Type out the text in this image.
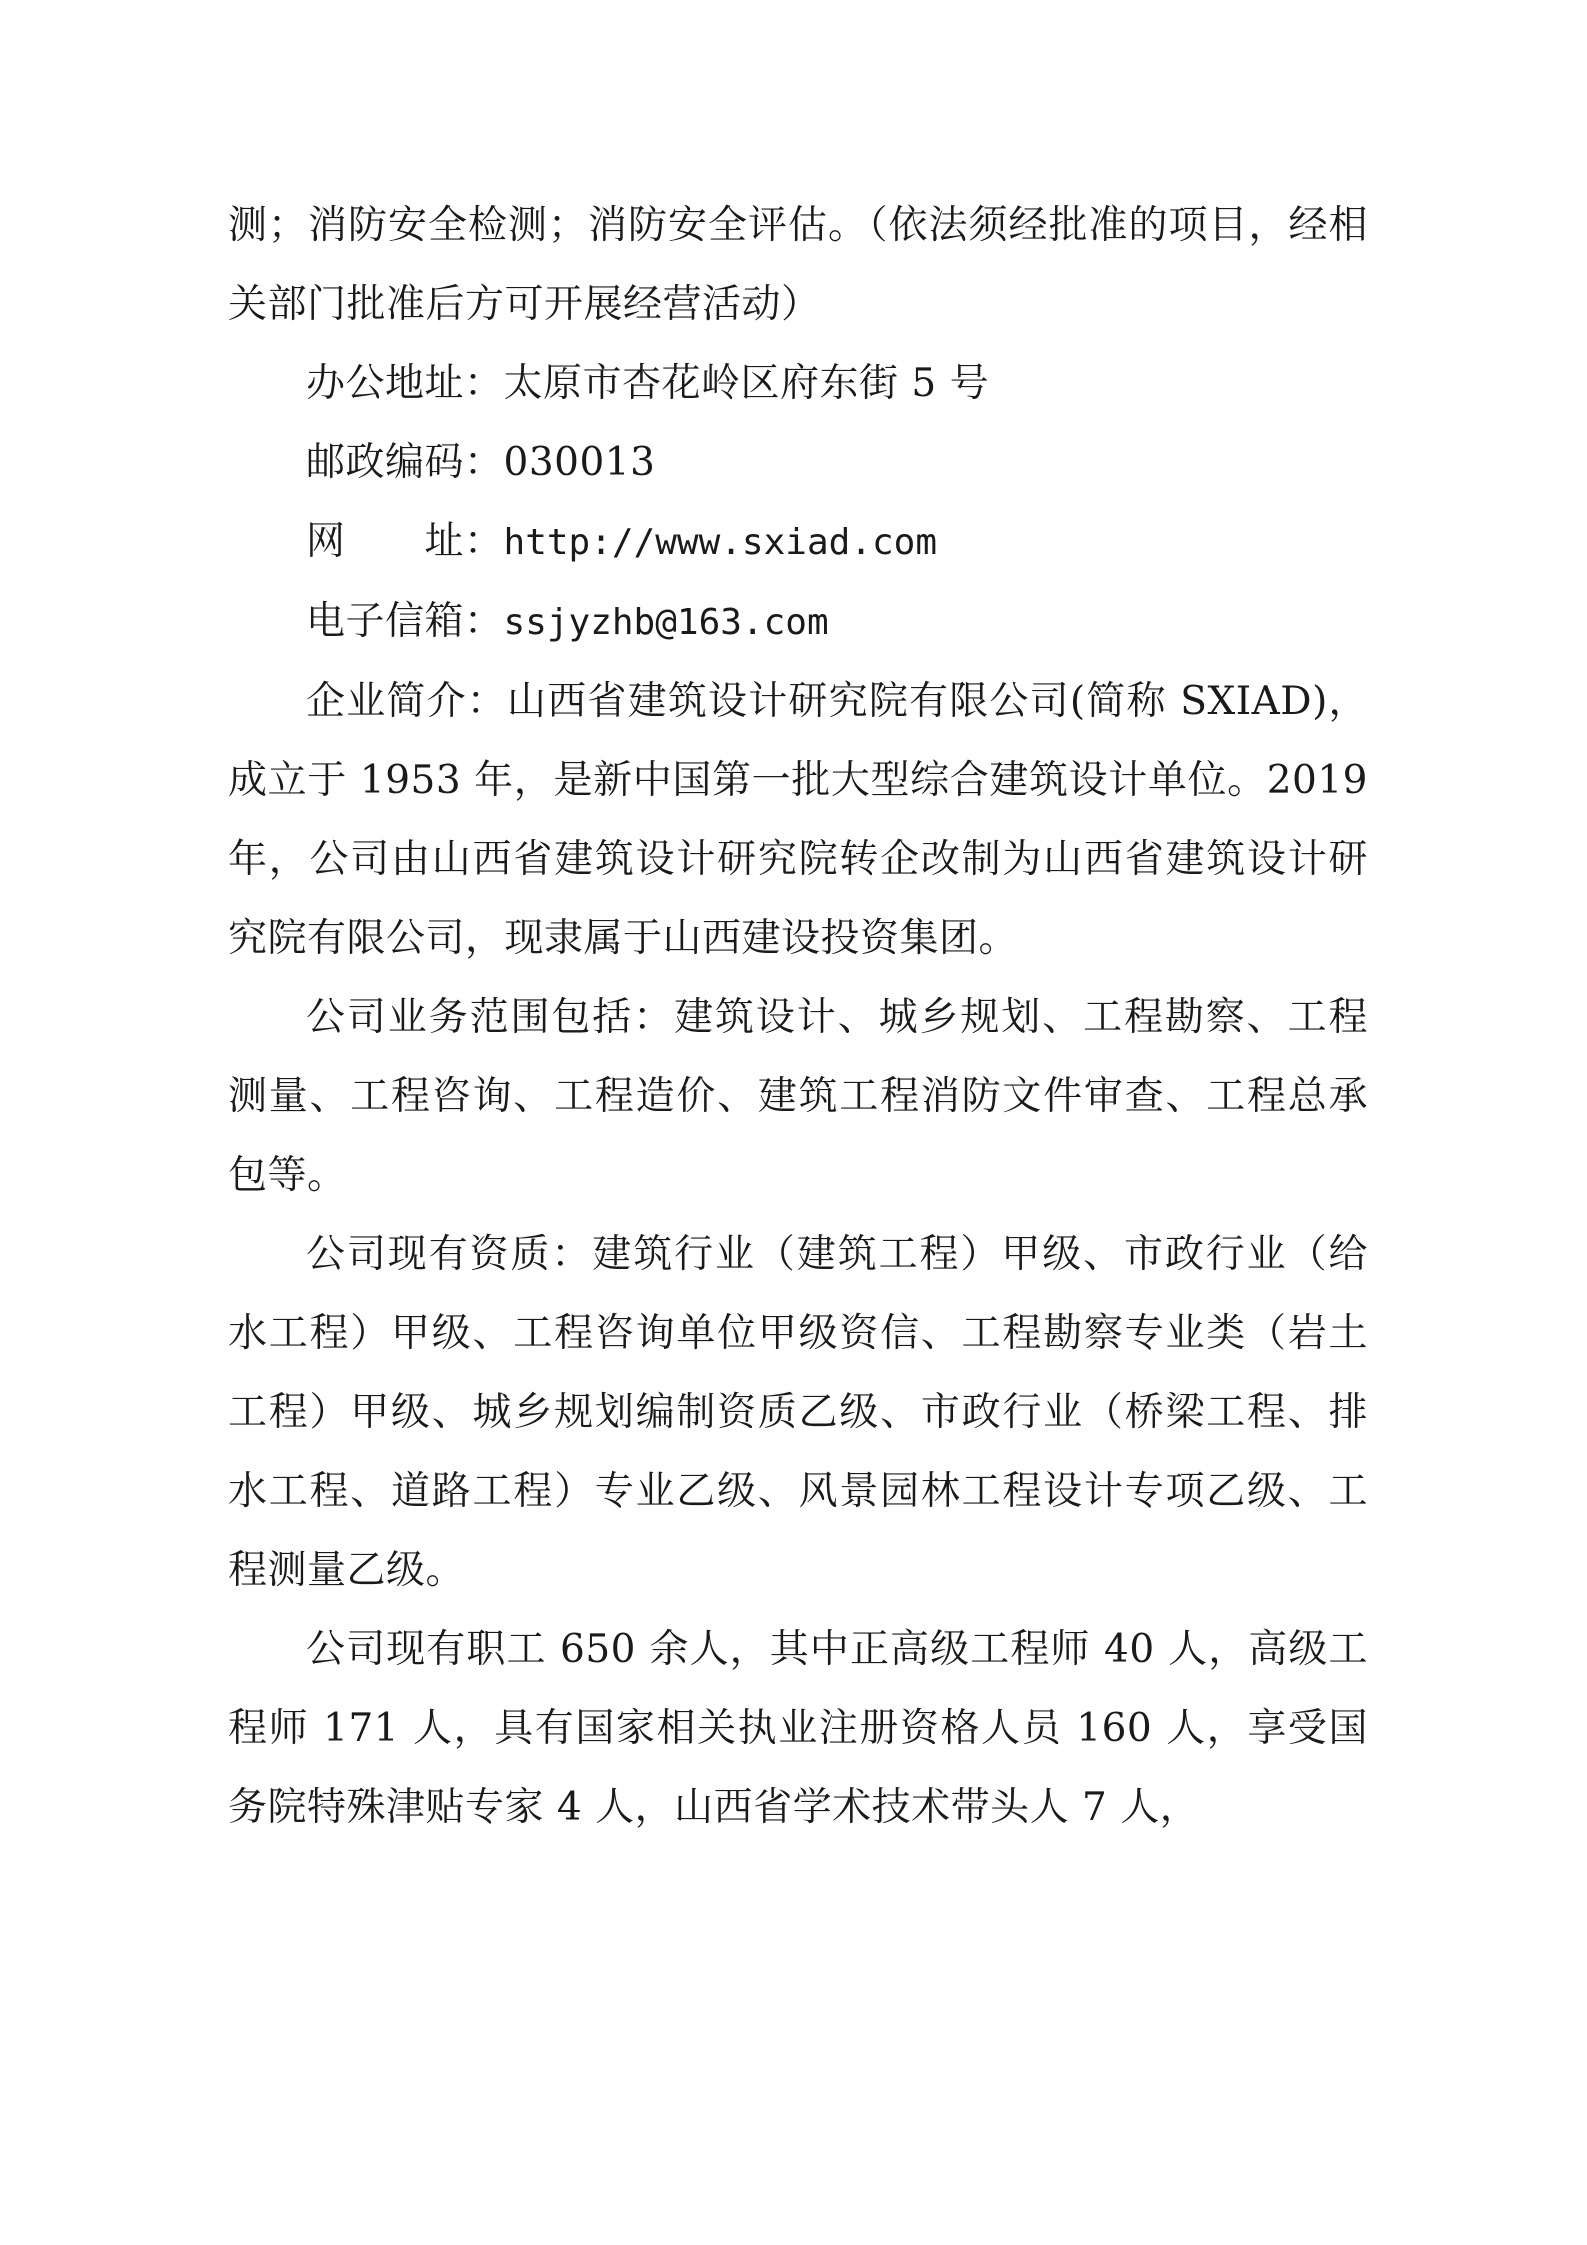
测；消防安全检测；消防安全评估。（依法须经批准的项目，经相关部门批准后方可开展经营活动）

办公地址：太原市杏花岭区府东街 5 号

邮政编码：030013

网　　址：http://www.sxiad.com

电子信箱：ssjyzhb@163.com

企业简介：山西省建筑设计研究院有限公司(简称 SXIAD)，成立于 1953 年，是新中国第一批大型综合建筑设计单位。2019 年，公司由山西省建筑设计研究院转企改制为山西省建筑设计研究院有限公司，现隶属于山西建设投资集团。

公司业务范围包括：建筑设计、城乡规划、工程勘察、工程测量、工程咨询、工程造价、建筑工程消防文件审查、工程总承包等。

公司现有资质：建筑行业（建筑工程）甲级、市政行业（给水工程）甲级、工程咨询单位甲级资信、工程勘察专业类（岩土工程）甲级、城乡规划编制资质乙级、市政行业（桥梁工程、排水工程、道路工程）专业乙级、风景园林工程设计专项乙级、工程测量乙级。

公司现有职工 650 余人，其中正高级工程师 40 人，高级工程师 171 人，具有国家相关执业注册资格人员 160 人，享受国务院特殊津贴专家 4 人，山西省学术技术带头人 7 人，
